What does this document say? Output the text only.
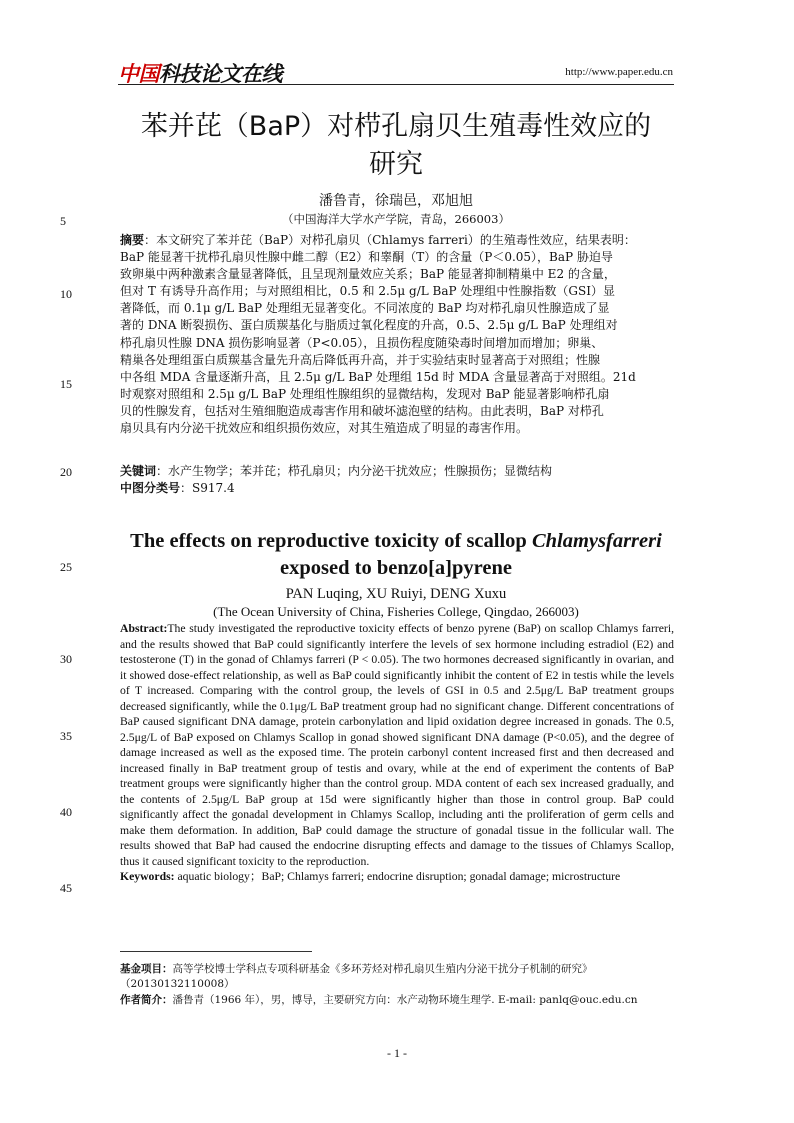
中国科技论文在线	http://www.paper.edu.cn
苯并芘（BaP）对栉孔扇贝生殖毒性效应的
研究
潘鲁青，徐瑞邑，邓旭旭
（中国海洋大学水产学院，青岛，266003）
5
10
15
20
25
30
35
40
45
摘要：本文研究了苯并芘（BaP）对栉孔扇贝（Chlamys farreri）的生殖毒性效应，结果表明：
BaP 能显著干扰栉孔扇贝性腺中雌二醇（E2）和睾酮（T）的含量（P＜0.05），BaP 胁迫导
致卵巢中两种激素含量显著降低，且呈现剂量效应关系；BaP 能显著抑制精巢中 E2 的含量，
但对 T 有诱导升高作用；与对照组相比，0.5 和 2.5μ g/L BaP 处理组中性腺指数（GSI）显
著降低，而 0.1μ g/L BaP 处理组无显著变化。不同浓度的 BaP 均对栉孔扇贝性腺造成了显
著的 DNA 断裂损伤、蛋白质羰基化与脂质过氧化程度的升高，0.5、2.5μ g/L BaP 处理组对
栉孔扇贝性腺 DNA 损伤影响显著（P<0.05），且损伤程度随染毒时间增加而增加；卵巢、
精巢各处理组蛋白质羰基含量先升高后降低再升高，并于实验结束时显著高于对照组；性腺
中各组 MDA 含量逐渐升高，且 2.5μ g/L BaP 处理组 15d 时 MDA 含量显著高于对照组。21d
时观察对照组和 2.5μ g/L BaP 处理组性腺组织的显微结构，发现对 BaP 能显著影响栉孔扇
贝的性腺发育，包括对生殖细胞造成毒害作用和破坏滤泡壁的结构。由此表明，BaP 对栉孔
扇贝具有内分泌干扰效应和组织损伤效应，对其生殖造成了明显的毒害作用。
关键词：水产生物学；苯并芘；栉孔扇贝；内分泌干扰效应；性腺损伤；显微结构
中图分类号：S917.4
The effects on reproductive toxicity of scallop Chlamysfarreri
exposed to benzo[a]pyrene
PAN Luqing, XU Ruiyi, DENG Xuxu
(The Ocean University of China, Fisheries College, Qingdao, 266003)
Abstract:The study investigated the reproductive toxicity effects of benzo pyrene (BaP) on scallop Chlamys farreri, and the results showed that BaP could significantly interfere the levels of sex hormone including estradiol (E2) and testosterone (T) in the gonad of Chlamys farreri (P < 0.05). The two hormones decreased significantly in ovarian, and it showed dose-effect relationship, as well as BaP could significantly inhibit the content of E2 in testis while the levels of T increased. Comparing with the control group, the levels of GSI in 0.5 and 2.5μg/L BaP treatment groups decreased significantly, while the 0.1μg/L BaP treatment group had no significant change. Different concentrations of BaP caused significant DNA damage, protein carbonylation and lipid oxidation degree increased in gonads. The 0.5, 2.5μg/L of BaP exposed on Chlamys Scallop in gonad showed significant DNA damage (P<0.05), and the degree of damage increased as well as the exposed time. The protein carbonyl content increased first and then decreased and increased finally in BaP treatment group of testis and ovary, while at the end of experiment the contents of BaP treatment groups were significantly higher than the control group. MDA content of each sex increased gradually, and the contents of 2.5μg/L BaP group at 15d were significantly higher than those in control group. BaP could significantly affect the gonadal development in Chlamys Scallop, including anti the proliferation of germ cells and make them deformation. In addition, BaP could damage the structure of gonadal tissue in the follicular wall. The results showed that BaP had caused the endocrine disrupting effects and damage to the tissues of Chlamys Scallop, thus it caused significant toxicity to the reproduction.
Keywords: aquatic biology；BaP; Chlamys farreri; endocrine disruption; gonadal damage; microstructure
基金项目：高等学校博士学科点专项科研基金《多环芳烃对栉孔扇贝生殖内分泌干扰分子机制的研究》（20130132110008）
作者简介：潘鲁青（1966 年），男，博导，主要研究方向：水产动物环境生理学. E-mail: panlq@ouc.edu.cn
- 1 -
